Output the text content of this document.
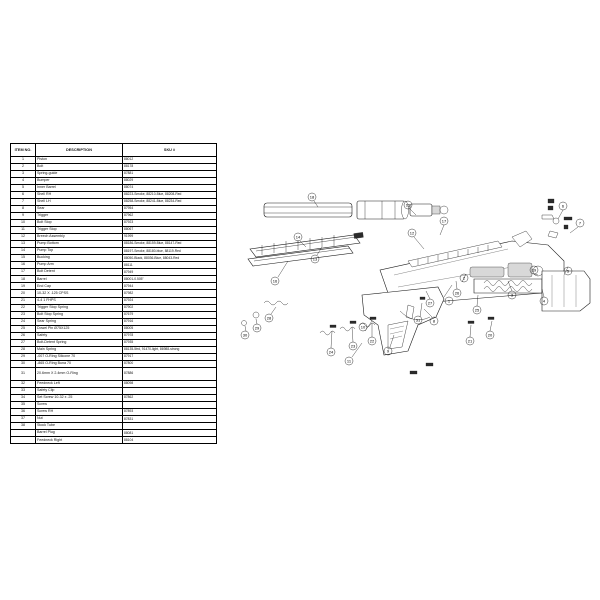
ITEM NO.	DESCRIPTION	SKU #
1	Piston	88012
2	Bolt	88178
3	Spring-guide	87881
4	Bumper	88029
5	Inner Barrel	88074
6	Shell RH	88223-Smoke, 88210-Blue, 88208-Red
7	Shell LH	88258-Smoke, 88241-Blue, 88234-Red
8	Sear	87954
9	Trigger	87962
10	Bolt Stop	87923
11	Trigger Stop	88067
12	Breech Assembly	91999
13	Pump Bottom	88186-Smoke, 88159-Blue, 88147-Red
14	Pump Top	88197-Smoke, 88180-blue, 88119-Red
15	Bucking	88050-Black, 88036-Blue, 88043-Red
16	Pump Arm	88111
17	Bolt Detent	87949
18	Barrel	88001-0.505"
19	End Cap	87944
20	10-32 X .125 CPSS	87982
21	4-4 1 FHPS	87924
22	Trigger Stop Spring	87902
23	Bolt Stop Spring	87679
24	Sear Spring	87916
25	Dowel Pin Ø75X125	88005
26	Safety	87978
27	Bolt-Detent Spring	87935
28	Main Spring	88135-5trd, 91470-light, 86988-strong
29	-007 O-Ring Silicone 70	87917
30	-865 O-Ring Buna 70	87800
31	20.6mm X 2.4mm O-Ring	87886
32	Feedneck Left	88098
33	Safety Clip	
34	Set Screw 10-32 x .25	87862
35	Screw	
36	Screw RH	87893
37	Nut	87831
38	Stock Tube	
	Barrel Plug	88081
	Feedneck Right	88104
1
2
3
4
5
6
7
8
9
10
11
12
13
14
15
16
17
18
19
20
21
22
23
24
25
26
27
28
29
30
31
